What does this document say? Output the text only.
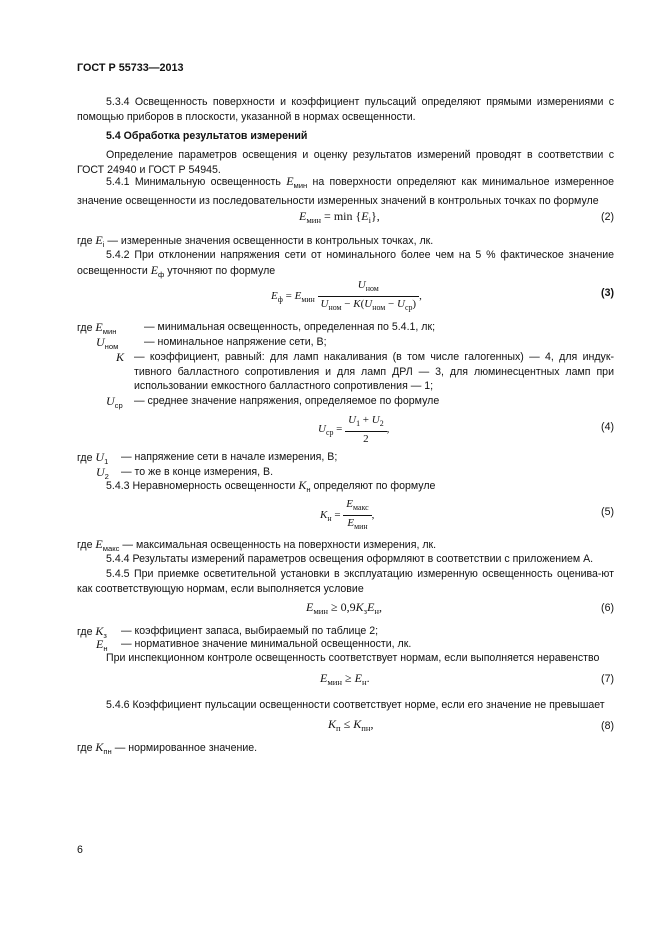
ГОСТ Р 55733—2013
5.3.4 Освещенность поверхности и коэффициент пульсаций определяют прямыми измерениями с помощью приборов в плоскости, указанной в нормах освещенности.
5.4 Обработка результатов измерений
Определение параметров освещения и оценку результатов измерений проводят в соответствии с ГОСТ 24940 и ГОСТ Р 54945.
5.4.1 Минимальную освещенность $E_{мин}$ на поверхности определяют как минимальное измеренное значение освещенности из последовательности измеренных значений в контрольных точках по формуле
$E_{мин} = \min \{E_i\}$,	(2)
где $E_i$ — измеренные значения освещенности в контрольных точках, лк.
5.4.2 При отклонении напряжения сети от номинального более чем на 5 % фактическое значение освещенности $E_ф$ уточняют по формуле
$E_ф = E_{мин} \frac{U_{ном}}{U_{ном} - K(U_{ном} - U_{ср})}$ ,	(3)
где $E_{мин}$	— минимальная освещенность, определенная по 5.4.1, лк;
$U_{ном}$ — номинальное напряжение сети, В;
K — коэффициент, равный: для ламп накаливания (в том числе галогенных) — 4, для индук-тивного балластного сопротивления и для ламп ДРЛ — 3, для люминесцентных ламп при использовании емкостного балластного сопротивления — 1;
$U_{ср}$ — среднее значение напряжения, определяемое по формуле
$U_{ср} = \frac{U_1 + U_2}{2}$ ,	(4)
где $U_1$ — напряжение сети в начале измерения, В;
$U_2$ — то же в конце измерения, В.
5.4.3 Неравномерность освещенности $K_н$ определяют по формуле
$K_н = \frac{E_{макс}}{E_{мин}}$ ,	(5)
где $E_{макс}$ — максимальная освещенность на поверхности измерения, лк.
5.4.4 Результаты измерений параметров освещения оформляют в соответствии с приложением А.
5.4.5 При приемке осветительной установки в эксплуатацию измеренную освещенность оценива-ют как соответствующую нормам, если выполняется условие
$E_{мин} \ge 0,9K_зE_н$,	(6)
где $K_з$ — коэффициент запаса, выбираемый по таблице 2;
$E_н$ — нормативное значение минимальной освещенности, лк.
При инспекционном контроле освещенность соответствует нормам, если выполняется неравенство
$E_{мин} \ge E_н$.	(7)
5.4.6 Коэффициент пульсации освещенности соответствует норме, если его значение не превышает
$K_п \le K_{пн}$,	(8)
где $K_{пн}$ — нормированное значение.
6
